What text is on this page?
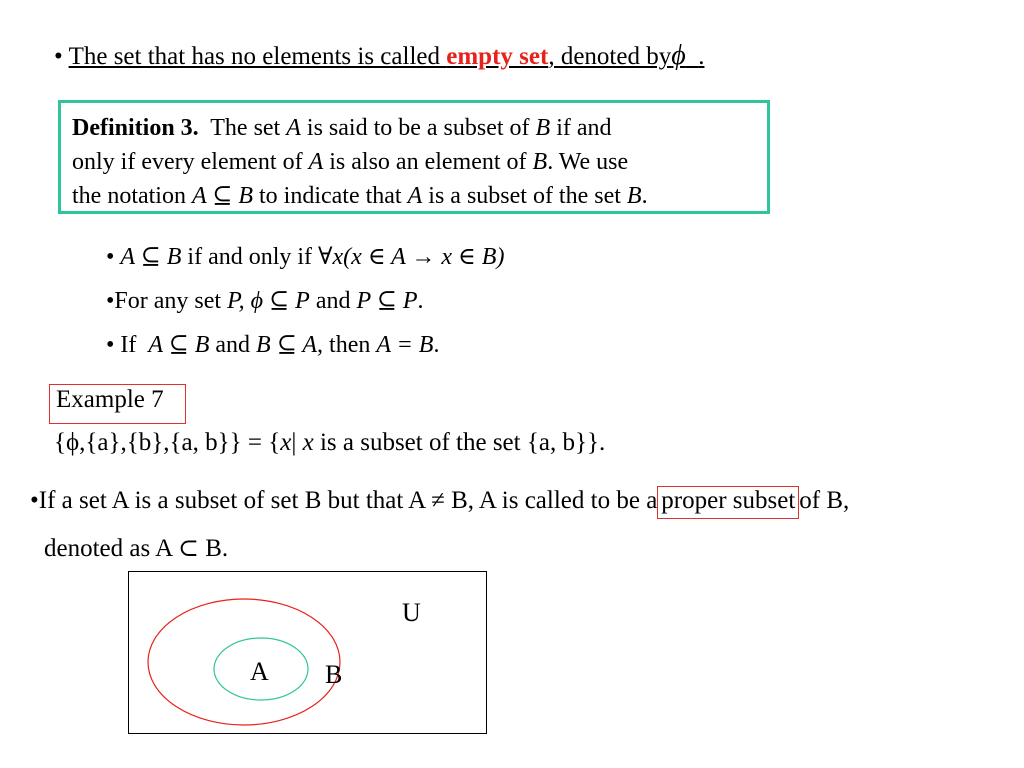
• The set that has no elements is called empty set, denoted byϕ .
Definition 3. The set A is said to be a subset of B if and
only if every element of A is also an element of B. We use
the notation A ⊆ B to indicate that A is a subset of the set B.
• A ⊆ B if and only if ∀x(x ∈ A → x ∈ B)
•For any set P, ϕ ⊆ P and P ⊆ P.
• If A ⊆ B and B ⊆ A, then A = B.
Example 7
{ϕ,{a},{b},{a, b}} = {x| x is a subset of the set {a, b}}.
•If a set A is a subset of set B but that A ≠ B, A is called to be a proper subset of B,
denoted as A ⊂ B.
U
A B
